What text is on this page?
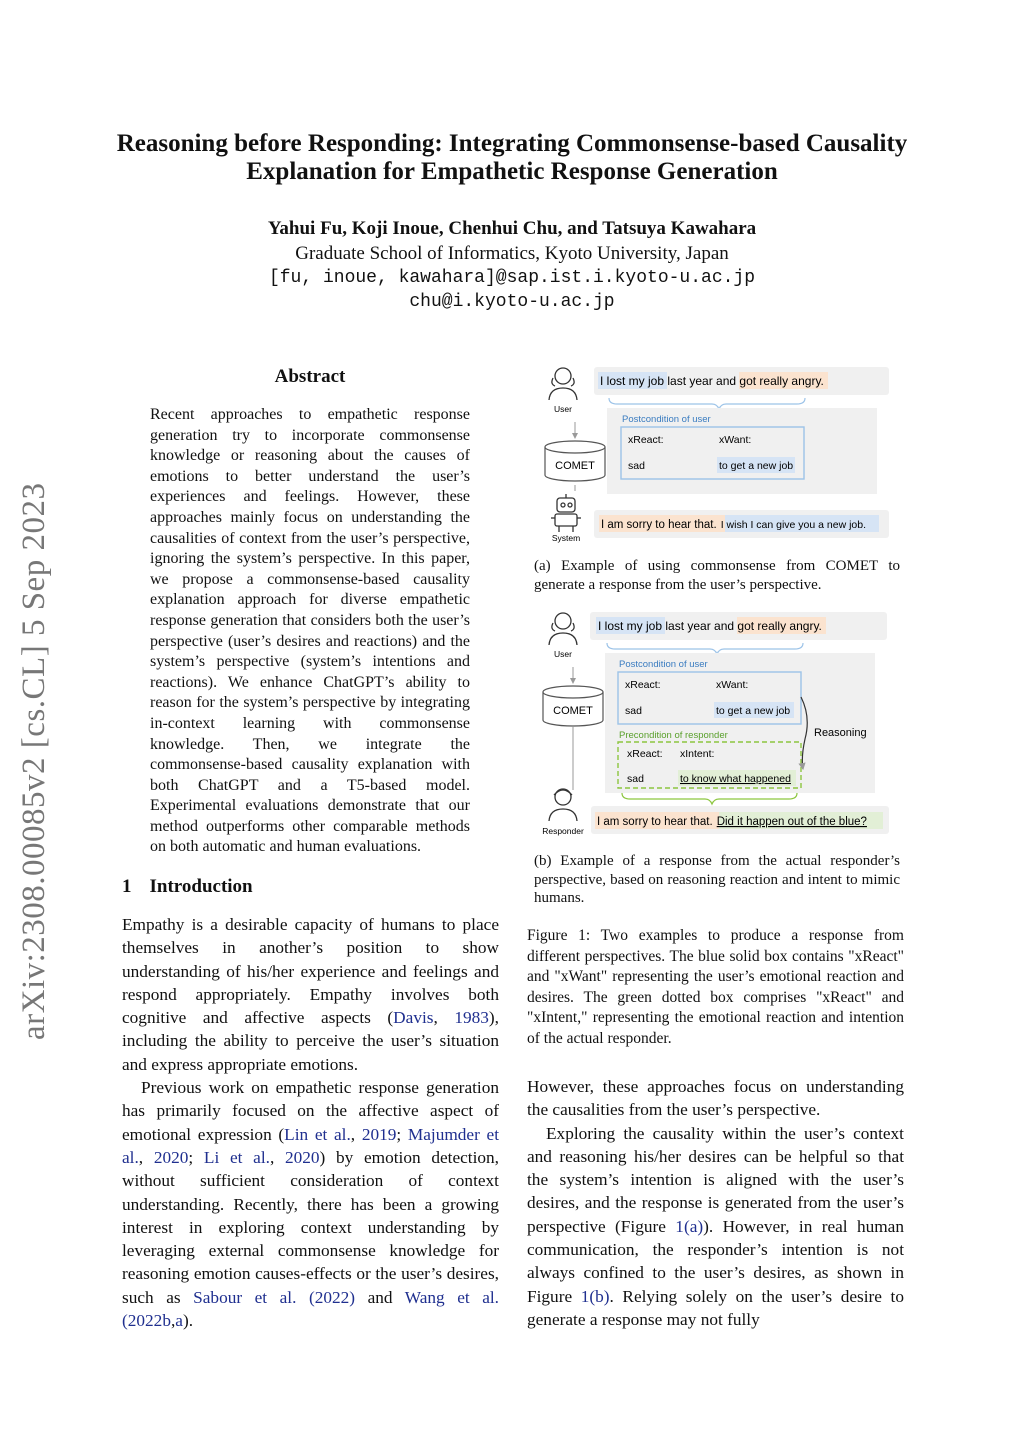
Reasoning before Responding: Integrating Commonsense-based Causality
Explanation for Empathetic Response Generation
Yahui Fu, Koji Inoue, Chenhui Chu, and Tatsuya Kawahara
Graduate School of Informatics, Kyoto University, Japan
[fu, inoue, kawahara]@sap.ist.i.kyoto-u.ac.jp
chu@i.kyoto-u.ac.jp
arXiv:2308.00085v2 [cs.CL] 5 Sep 2023
Abstract
Recent approaches to empathetic response generation try to incorporate commonsense knowledge or reasoning about the causes of emotions to better understand the user’s experiences and feelings. However, these approaches mainly focus on understanding the causalities of context from the user’s perspective, ignoring the system’s perspective. In this paper, we propose a commonsense-based causality explanation approach for diverse empathetic response generation that considers both the user’s perspective (user’s desires and reactions) and the system’s perspective (system’s intentions and reactions). We enhance ChatGPT’s ability to reason for the system’s perspective by integrating in-context learning with commonsense knowledge. Then, we integrate the commonsense-based causality explanation with both ChatGPT and a T5-based model. Experimental evaluations demonstrate that our method outperforms other comparable methods on both automatic and human evaluations.
1 Introduction

Empathy is a desirable capacity of humans to place themselves in another’s position to show understanding of his/her experience and feelings and respond appropriately. Empathy involves both cognitive and affective aspects (Davis, 1983), including the ability to perceive the user’s situation and express appropriate emotions.

Previous work on empathetic response generation has primarily focused on the affective aspect of emotional expression (Lin et al., 2019; Majumder et al., 2020; Li et al., 2020) by emotion detection, without sufficient consideration of context understanding. Recently, there has been a growing interest in exploring context understanding by leveraging external commonsense knowledge for reasoning emotion causes-effects or the user’s desires, such as Sabour et al. (2022) and Wang et al. (2022b,a).

User
I lost my job last year and got really angry.
COMET
Postcondition of user
xReact:	xWant:
sad	to get a new job
System
I am sorry to hear that. I wish I can give you a new job.
User
I lost my job last year and got really angry.
COMET
Postcondition of user
xReact:	xWant:
sad	to get a new job
Precondition of responder
xReact: xIntent:
sad	to know what happened
Reasoning
Responder
I am sorry to hear that. Did it happen out of the blue?
(a) Example of using commonsense from COMET to generate a response from the user’s perspective.
(b) Example of a response from the actual responder’s perspective, based on reasoning reaction and intent to mimic humans.
Figure 1: Two examples to produce a response from different perspectives. The blue solid box contains "xReact" and "xWant" representing the user’s emotional reaction and desires. The green dotted box comprises "xReact" and "xIntent," representing the emotional reaction and intention of the actual responder.

However, these approaches focus on understanding the causalities from the user’s perspective.

Exploring the causality within the user’s context and reasoning his/her desires can be helpful so that the system’s intention is aligned with the user’s desires, and the response is generated from the user’s perspective (Figure 1(a)). However, in real human communication, the responder’s intention is not always confined to the user’s desires, as shown in Figure 1(b). Relying solely on the user’s desire to generate a response may not fully
